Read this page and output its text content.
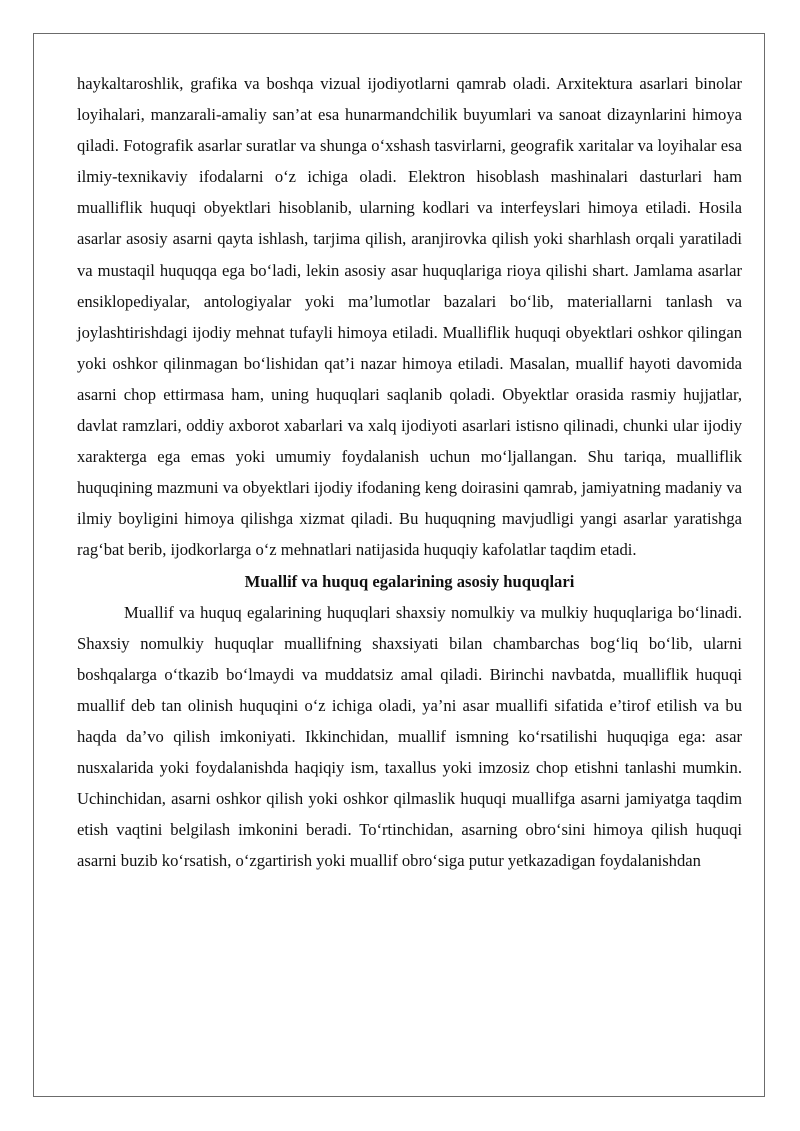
haykaltaroshlik, grafika va boshqa vizual ijodiyotlarni qamrab oladi. Arxitektura asarlari binolar loyihalari, manzarali-amaliy san’at esa hunarmandchilik buyumlari va sanoat dizaynlarini himoya qiladi. Fotografik asarlar suratlar va shunga o‘xshash tasvirlarni, geografik xaritalar va loyihalar esa ilmiy-texnikaviy ifodalarni o‘z ichiga oladi. Elektron hisoblash mashinalari dasturlari ham mualliflik huquqi obyektlari hisoblanib, ularning kodlari va interfeyslari himoya etiladi. Hosila asarlar asosiy asarni qayta ishlash, tarjima qilish, aranjirovka qilish yoki sharhlash orqali yaratiladi va mustaqil huquqqa ega bo‘ladi, lekin asosiy asar huquqlariga rioya qilishi shart. Jamlama asarlar ensiklopediyalar, antologiyalar yoki ma’lumotlar bazalari bo‘lib, materiallarni tanlash va joylashtirishdagi ijodiy mehnat tufayli himoya etiladi. Mualliflik huquqi obyektlari oshkor qilingan yoki oshkor qilinmagan bo‘lishidan qat’i nazar himoya etiladi. Masalan, muallif hayoti davomida asarni chop ettirmasa ham, uning huquqlari saqlanib qoladi. Obyektlar orasida rasmiy hujjatlar, davlat ramzlari, oddiy axborot xabarlari va xalq ijodiyoti asarlari istisno qilinadi, chunki ular ijodiy xarakterga ega emas yoki umumiy foydalanish uchun mo‘ljallangan. Shu tariqa, mualliflik huquqining mazmuni va obyektlari ijodiy ifodaning keng doirasini qamrab, jamiyatning madaniy va ilmiy boyligini himoya qilishga xizmat qiladi. Bu huquqning mavjudligi yangi asarlar yaratishga rag‘bat berib, ijodkorlarga o‘z mehnatlari natijasida huquqiy kafolatlar taqdim etadi.

Muallif va huquq egalarining asosiy huquqlari

Muallif va huquq egalarining huquqlari shaxsiy nomulkiy va mulkiy huquqlariga bo‘linadi. Shaxsiy nomulkiy huquqlar muallifning shaxsiyati bilan chambarchas bog‘liq bo‘lib, ularni boshqalarga o‘tkazib bo‘lmaydi va muddatsiz amal qiladi. Birinchi navbatda, mualliflik huquqi muallif deb tan olinish huquqini o‘z ichiga oladi, ya’ni asar muallifi sifatida e’tirof etilish va bu haqda da’vo qilish imkoniyati. Ikkinchidan, muallif ismning ko‘rsatilishi huquqiga ega: asar nusxalarida yoki foydalanishda haqiqiy ism, taxallus yoki imzosiz chop etishni tanlashi mumkin. Uchinchidan, asarni oshkor qilish yoki oshkor qilmaslik huquqi muallifga asarni jamiyatga taqdim etish vaqtini belgilash imkonini beradi. To‘rtinchidan, asarning obro‘sini himoya qilish huquqi asarni buzib ko‘rsatish, o‘zgartirish yoki muallif obro‘siga putur yetkazadigan foydalanishdan
